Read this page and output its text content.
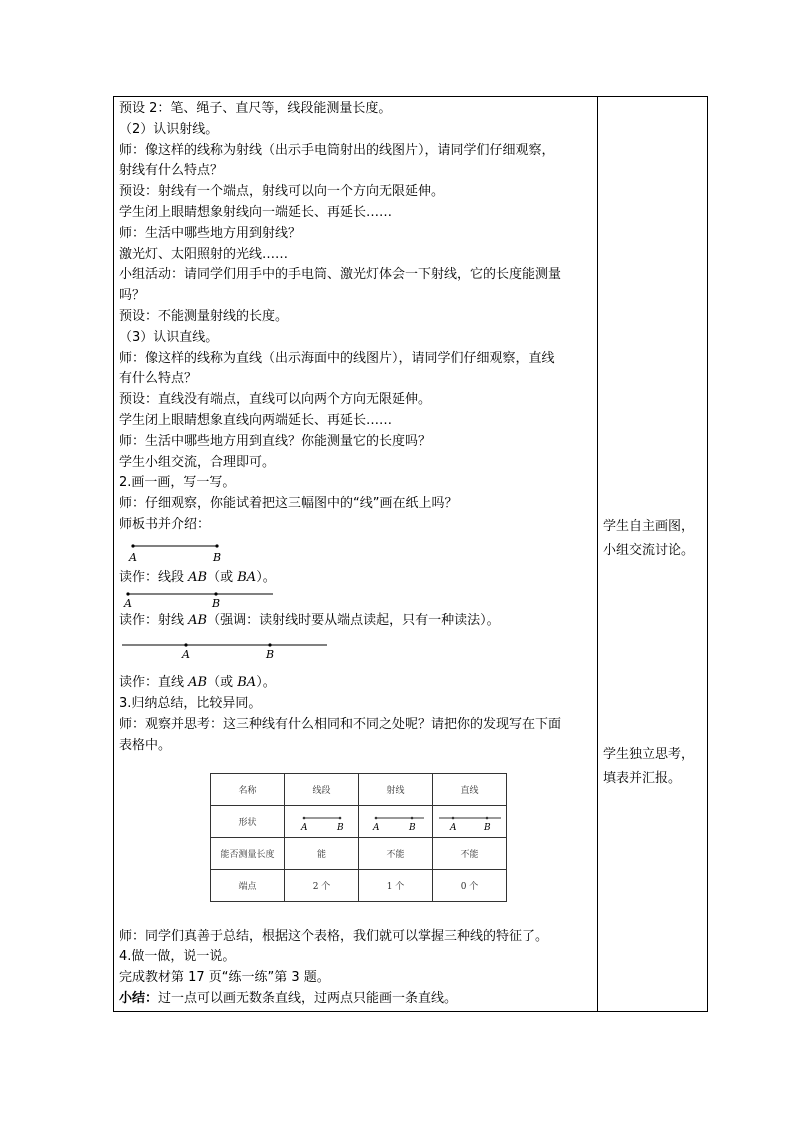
预设 2：笔、绳子、直尺等，线段能测量长度。
（2）认识射线。
师：像这样的线称为射线（出示手电筒射出的线图片），请同学们仔细观察，
射线有什么特点？
预设：射线有一个端点，射线可以向一个方向无限延伸。
学生闭上眼睛想象射线向一端延长、再延长……
师：生活中哪些地方用到射线？
激光灯、太阳照射的光线……
小组活动：请同学们用手中的手电筒、激光灯体会一下射线，它的长度能测量
吗？
预设：不能测量射线的长度。
（3）认识直线。
师：像这样的线称为直线（出示海面中的线图片），请同学们仔细观察，直线
有什么特点？
预设：直线没有端点，直线可以向两个方向无限延伸。
学生闭上眼睛想象直线向两端延长、再延长……
师：生活中哪些地方用到直线？你能测量它的长度吗？
学生小组交流，合理即可。
2.画一画，写一写。
师：仔细观察，你能试着把这三幅图中的“线”画在纸上吗？
师板书并介绍：
A	B
读作：线段 AB（或 BA）。
A	B
读作：射线 AB（强调：读射线时要从端点读起，只有一种读法）。
A	B
读作：直线 AB（或 BA）。
3.归纳总结，比较异同。
师：观察并思考：这三种线有什么相同和不同之处呢？请把你的发现写在下面
表格中。
师：同学们真善于总结，根据这个表格，我们就可以掌握三种线的特征了。
4.做一做，说一说。
完成教材第 17 页“练一练”第 3 题。
小结：过一点可以画无数条直线，过两点只能画一条直线。
名称	线段	射线	直线
形状	A B	A B	A B

能否测量长度	能	不能	不能
端点	2 个	1 个	0 个
学生自主画图，
小组交流讨论。
学生独立思考，
填表并汇报。
